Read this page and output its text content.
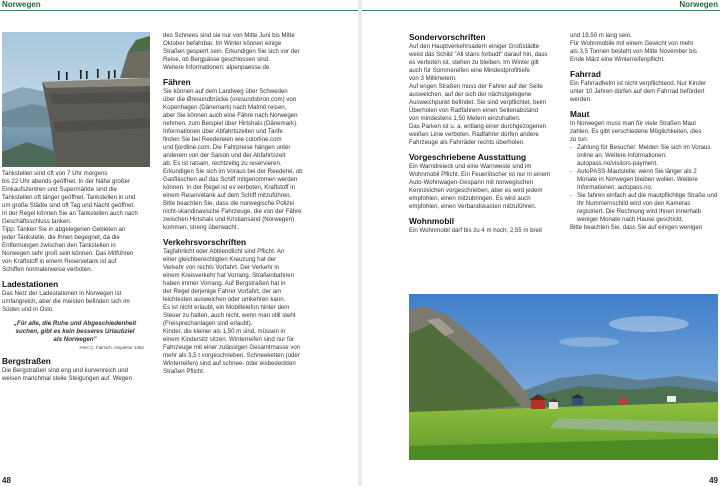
Norwegen	Norwegen

Tankstellen sind oft von 7 Uhr morgens

bis 22 Uhr abends geöffnet. In der Nähe großer

Einkaufszentren und Supermärkte sind die

Tankstellen oft länger geöffnet. Tankstellen in und

um große Städte sind oft Tag und Nacht geöffnet.

In der Regel können Sie an Tankstellen auch nach

Geschäftsschluss tanken.

Tipp: Tanken Sie in abgelegenen Gebieten an

jeder Tankstelle, die Ihnen begegnet, da die

Entfernungen zwischen den Tankstellen in

Norwegen sehr groß sein können. Das Mitführen

von Kraftstoff in einem Reservetank ist auf

Schiffen normalerweise verboten.

Ladestationen

Das Netz der Ladestationen in Norwegen ist

umfangreich, aber die meisten befinden sich im

Süden und in Oslo.

„Für alle, die Ruhe und Abgeschiedenheit

suchen, gibt es kein besseres Urlaubziel

als Norwegen"

-Herr C. Falmich, Inspektor 1362
Bergstraßen

Die Bergstraßen sind eng und kurvenreich und

weisen manchmal steile Steigungen auf. Wegen

des Schnees sind sie nur von Mitte Juni bis Mitte

Oktober befahrbar. Im Winter können einige

Straßen gesperrt sein. Erkundigen Sie sich vor der

Reise, ob Bergpässe geschlossen sind.

Weitere Informationen: alpenpaesse.de.

Fähren

Sie können auf dem Landweg über Schweden

über die Øresundbrücke (oresundsbron.com) von

Kopenhagen (Dänemark) nach Malmö reisen,

aber Sie können auch eine Fähre nach Norwegen

nehmen, zum Beispiel über Hirtshals (Dänemark).

Informationen über Abfahrtszeiten und Tarife

finden Sie bei Reedereien wie colorline.com

und fjordline.com. Die Fahrpreise hängen unter

anderem von der Saison und der Abfahrtszeit

ab. Es ist ratsam, rechtzeitig zu reservieren.

Erkundigen Sie sich im Voraus bei der Reederei, ob

Gasflaschen auf das Schiff mitgenommen werden

können. In der Regel ist es verboten, Kraftstoff in

einem Reservetank auf dem Schiff mitzuführen.

Bitte beachten Sie, dass die norwegische Polizei

nicht-skandinavische Fahrzeuge, die von der Fähre

zwischen Hirtshals und Kristiansand (Norwegen)

kommen, streng überwacht.

Verkehrsvorschriften

Tagfahrlicht oder Abblendlicht sind Pflicht. An

einer gleichberechtigten Kreuzung hat der

Verkehr von rechts Vorfahrt. Der Verkehr in

einem Kreisverkehr hat Vorrang. Straßenbahnen

haben immer Vorrang. Auf Bergstraßen hat in

der Regel derjenige Fahrer Vorfahrt, der am

leichtesten ausweichen oder umkehren kann.

Es ist nicht erlaubt, ein Mobiltelefon hinter dem

Steuer zu halten, auch nicht, wenn man still steht

(Freisprechanlagen sind erlaubt).

Kinder, die kleiner als 1,50 m sind, müssen in

einem Kindersitz sitzen. Winterreifen sind nur für

Fahrzeuge mit einer zulässigen Gesamtmasse von

mehr als 3,5 t vorgeschrieben. Schneeketten (oder

Winterreifen) sind auf schnee- oder eisbedeckten

Straßen Pflicht.

Sondervorschriften

Auf den Hauptverkehrsadern einiger Großstädte

weist das Schild "All stans forbudt" darauf hin, dass

es verboten ist, stehen zu bleiben. Im Winter gilt

auch für Sommereifen eine Mindestprofiltiefe

von 3 Millimetern.

Auf engen Straßen muss der Fahrer auf der Seite

ausweichen, auf der sich der nächstgelegene

Ausweichpunkt befindet. Sie sind verpflichtet, beim

Überholen von Radfahrern einen Seitenabstand

von mindestens 1,50 Metern einzuhalten.

Das Parken ist u. a. entlang einer durchgezogenen

weißen Linie verboten. Radfahrer dürfen andere

Fahrzeuge als Fahrräder rechts überholen.

Vorgeschriebene Ausstattung

Ein Warndreieck und eine Warnweste sind im

Wohnmobil Pflicht. Ein Feuerlöscher ist nur in einem

Auto-Wohnwagen-Gespann mit norwegischen

Kennzeichen vorgeschrieben, aber es wird jedem

empfohlen, einen mitzubringen. Es wird auch

empfohlen, einen Verbandskasten mitzuführen.

Wohnmobil

Ein Wohnmobil darf bis zu 4 m hoch, 2,55 m breit

und 19,50 m lang sein.

Für Wohnmobile mit einem Gewicht von mehr

als 3,5 Tonnen besteht von Mitte November bis

Ende März eine Winterreifenpflicht.

Fahrrad

Ein Fahrradhelm ist nicht verpflichtend. Nur Kinder

unter 10 Jahren dürfen auf dem Fahrrad befördert

werden.

Maut

In Norwegen muss man für viele Straßen Maut

zahlen. Es gibt verschiedene Möglichkeiten, dies

zu tun:

- Zahlung für Besucher: Melden Sie sich im Voraus online an. Weitere Informationen: autopass.no/visitors-payment.
- AutoPASS-Mautstelle: wenn Sie länger als 2 Monate in Norwegen bleiben wollen. Weitere Informationen: autopass.no.
- Sie fahren einfach auf die mautpflichtige Straße und Ihr Nummernschild wird von den Kameras registriert. Die Rechnung wird Ihnen innerhalb weniger Monate nach Hause geschickt.

Bitte beachten Sie, dass Sie auf einigen wenigen

48	49
